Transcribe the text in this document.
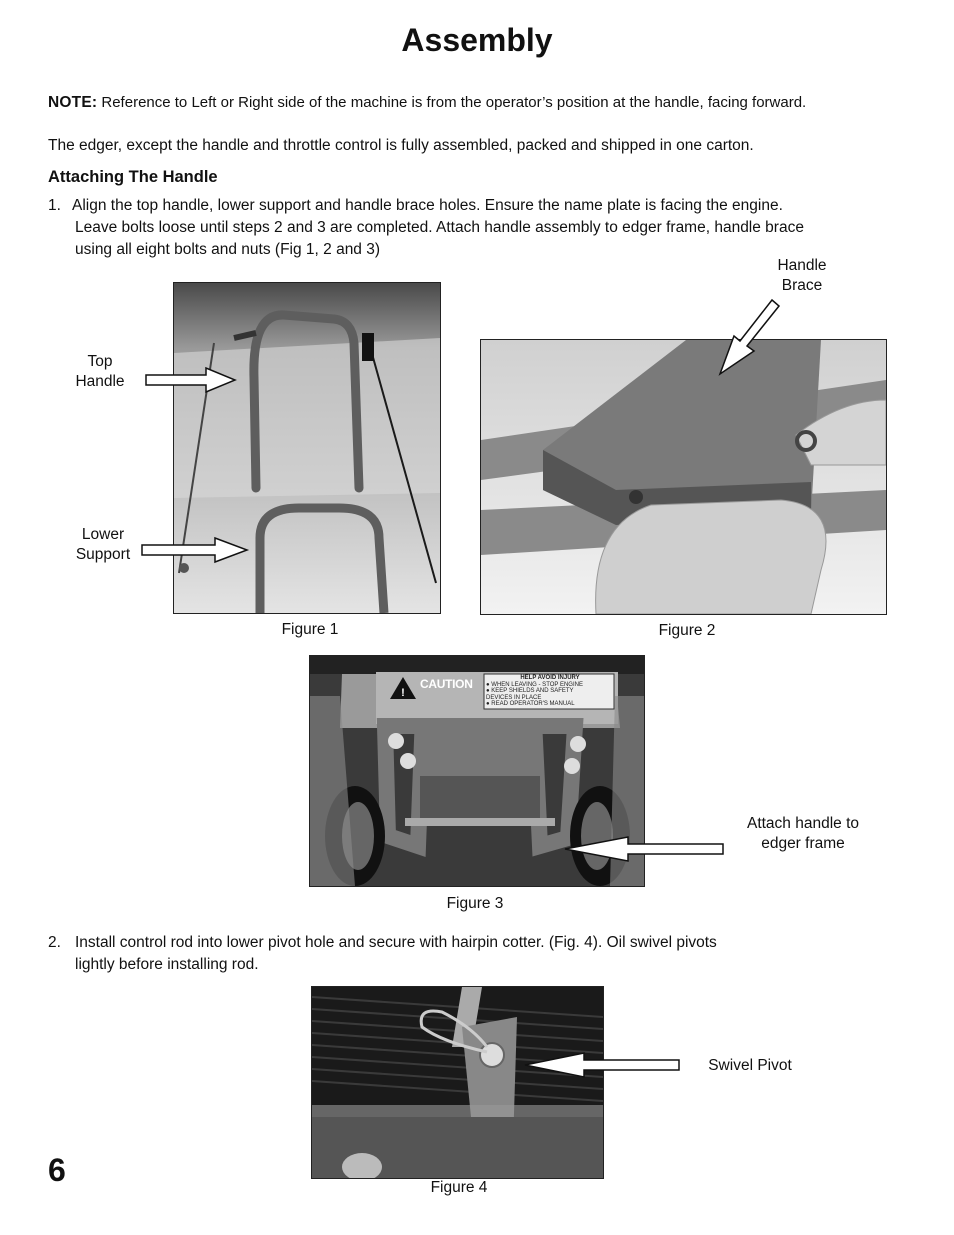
Assembly
NOTE: Reference to Left or Right side of the machine is from the operator’s position at the handle, facing forward.
The edger, except the handle and throttle control is fully assembled, packed and shipped in one carton.
Attaching The Handle
1. Align the top handle, lower support and handle brace holes. Ensure the name plate is facing the engine.
Leave bolts loose until steps 2 and 3 are completed. Attach handle assembly to edger frame, handle brace
using all eight bolts and nuts (Fig 1, 2 and 3)
Top
Handle
Lower
Support
Figure 1
Handle
Brace
Figure 2
!
CAUTION	HELP AVOID INJURY
● WHEN LEAVING - STOP ENGINE
● KEEP SHIELDS AND SAFETY
DEVICES IN PLACE
● READ OPERATOR'S MANUAL
Attach handle to
edger frame
Figure 3
2. Install control rod into lower pivot hole and secure with hairpin cotter. (Fig. 4). Oil swivel pivots
lightly before installing rod.
Swivel Pivot
Figure 4
6
